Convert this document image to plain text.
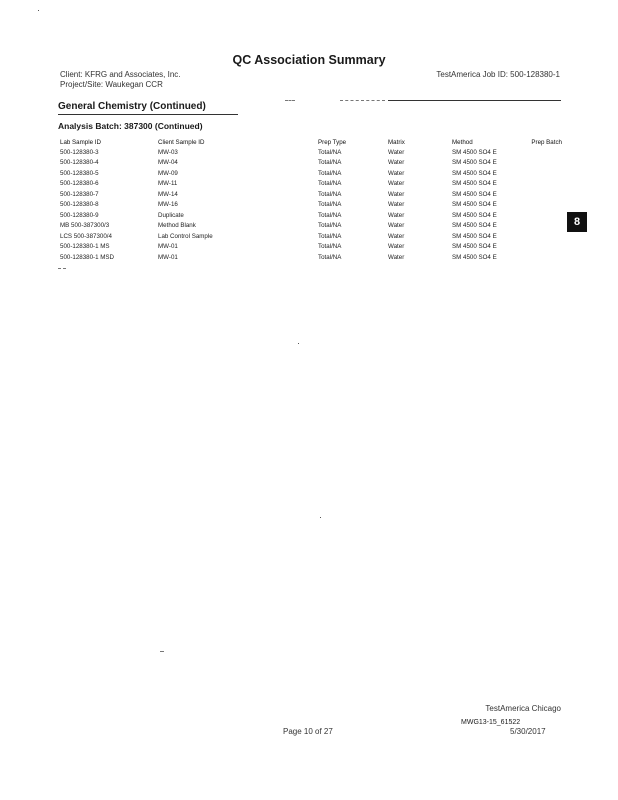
QC Association Summary
Client: KFRG and Associates, Inc.
Project/Site: Waukegan CCR
TestAmerica Job ID: 500-128380-1
General Chemistry (Continued)
Analysis Batch: 387300 (Continued)
Lab Sample ID	Client Sample ID	Prep Type	Matrix	Method	Prep Batch
500-128380-3	MW-03	Total/NA	Water	SM 4500 SO4 E	
500-128380-4	MW-04	Total/NA	Water	SM 4500 SO4 E	
500-128380-5	MW-09	Total/NA	Water	SM 4500 SO4 E	
500-128380-6	MW-11	Total/NA	Water	SM 4500 SO4 E	
500-128380-7	MW-14	Total/NA	Water	SM 4500 SO4 E	
500-128380-8	MW-16	Total/NA	Water	SM 4500 SO4 E	
500-128380-9	Duplicate	Total/NA	Water	SM 4500 SO4 E	
MB 500-387300/3	Method Blank	Total/NA	Water	SM 4500 SO4 E	
LCS 500-387300/4	Lab Control Sample	Total/NA	Water	SM 4500 SO4 E	
500-128380-1 MS	MW-01	Total/NA	Water	SM 4500 SO4 E	
500-128380-1 MSD	MW-01	Total/NA	Water	SM 4500 SO4 E	
8
TestAmerica Chicago
MWG13-15_61522
Page 10 of 27	5/30/2017
